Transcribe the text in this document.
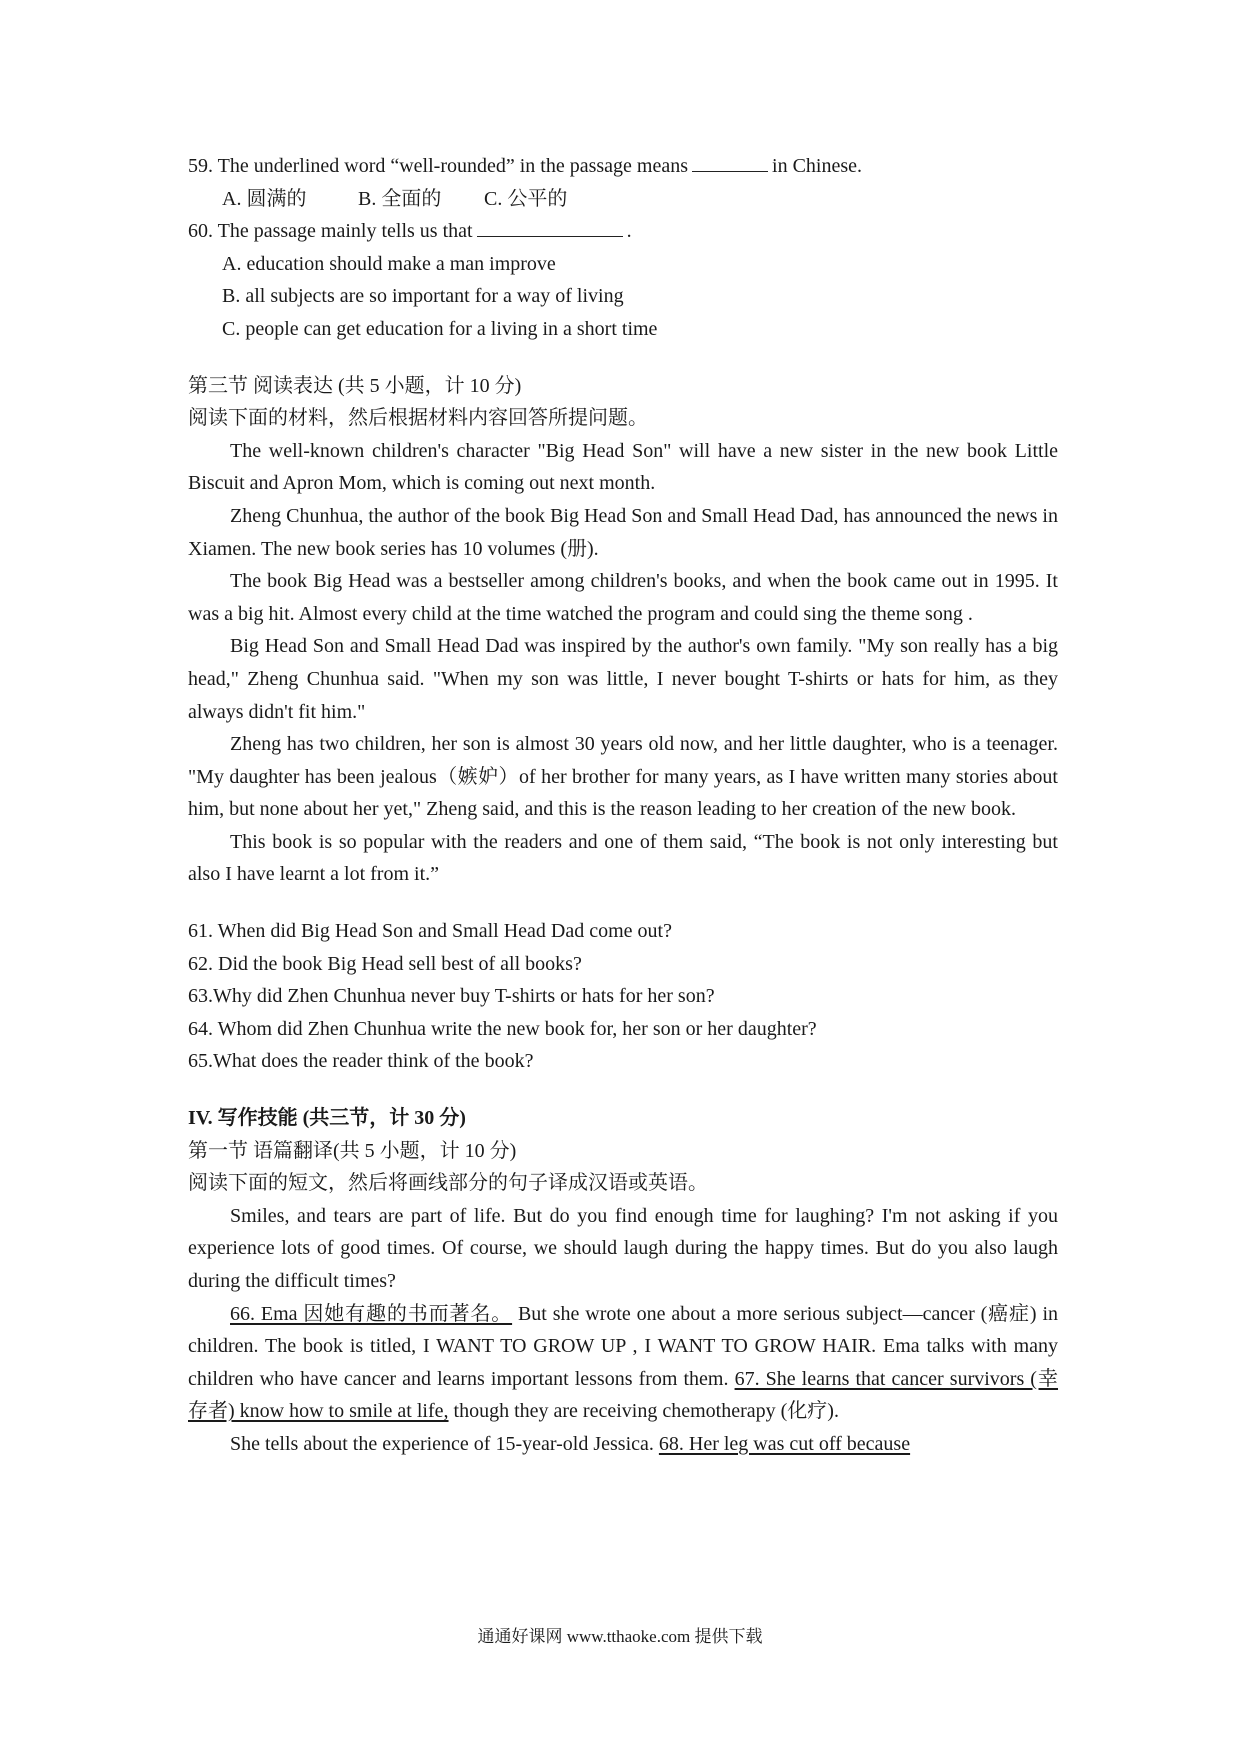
59. The underlined word “well-rounded” in the passage means	in Chinese.
A. 圆满的	B. 全面的 C. 公平的
60. The passage mainly tells us that	.
A. education should make a man improve
B. all subjects are so important for a way of living
C. people can get education for a living in a short time
第三节 阅读表达 (共 5 小题，计 10 分)
阅读下面的材料，然后根据材料内容回答所提问题。
The well-known children's character "Big Head Son" will have a new sister in the new book Little Biscuit and Apron Mom, which is coming out next month.
Zheng Chunhua, the author of the book Big Head Son and Small Head Dad, has announced the news in Xiamen. The new book series has 10 volumes (册).
The book Big Head was a bestseller among children's books, and when the book came out in 1995. It was a big hit. Almost every child at the time watched the program and could sing the theme song .
Big Head Son and Small Head Dad was inspired by the author's own family. "My son really has a big head," Zheng Chunhua said. "When my son was little, I never bought T-shirts or hats for him, as they always didn't fit him."
Zheng has two children, her son is almost 30 years old now, and her little daughter, who is a teenager. "My daughter has been jealous（嫉妒）of her brother for many years, as I have written many stories about him, but none about her yet," Zheng said, and this is the reason leading to her creation of the new book.
This book is so popular with the readers and one of them said, “The book is not only interesting but also I have learnt a lot from it.”
61. When did Big Head Son and Small Head Dad come out?
62. Did the book Big Head sell best of all books?
63.Why did Zhen Chunhua never buy T-shirts or hats for her son?
64. Whom did Zhen Chunhua write the new book for, her son or her daughter?
65.What does the reader think of the book?
IV. 写作技能 (共三节，计 30 分)
第一节 语篇翻译(共 5 小题，计 10 分)
阅读下面的短文，然后将画线部分的句子译成汉语或英语。
Smiles, and tears are part of life. But do you find enough time for laughing? I'm not asking if you experience lots of good times. Of course, we should laugh during the happy times. But do you also laugh during the difficult times?
66. Ema 因她有趣的书而著名。 But she wrote one about a more serious subject—cancer (癌症) in children. The book is titled, I WANT TO GROW UP , I WANT TO GROW HAIR. Ema talks with many children who have cancer and learns important lessons from them. 67. She learns that cancer survivors (幸存者) know how to smile at life, though they are receiving chemotherapy (化疗).
She tells about the experience of 15-year-old Jessica. 68. Her leg was cut off because
通通好课网 www.tthaoke.com 提供下载
